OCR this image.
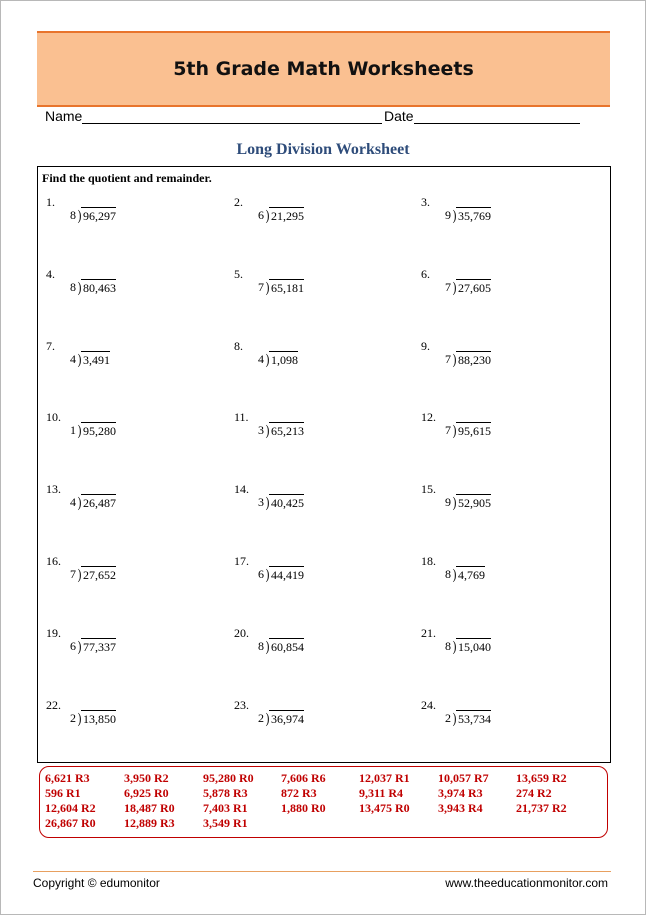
5th Grade Math Worksheets
Name	Date
Long Division Worksheet
Find the quotient and remainder.
1.
8 ) 96,297
2.
6 ) 21,295
3.
9 ) 35,769
4.
8 ) 80,463
5.
7 ) 65,181
6.
7 ) 27,605
7.
4 ) 3,491
8.
4 ) 1,098
9.
7 ) 88,230
10.
1 ) 95,280
11.
3 ) 65,213
12.
7 ) 95,615
13.
4 ) 26,487
14.
3 ) 40,425
15.
9 ) 52,905
16.
7 ) 27,652
17.
6 ) 44,419
18.
8 ) 4,769
19.
6 ) 77,337
20.
8 ) 60,854
21.
8 ) 15,040
22.
2 ) 13,850
23.
2 ) 36,974
24.
2 ) 53,734
6,621 R3
596 R1
12,604 R2
26,867 R0
3,950 R2
6,925 R0
18,487 R0
12,889 R3
95,280 R0
5,878 R3
7,403 R1
3,549 R1
7,606 R6
872 R3
1,880 R0
12,037 R1
9,311 R4
13,475 R0
10,057 R7
3,974 R3
3,943 R4
13,659 R2
274 R2
21,737 R2
Copyright © edumonitor	www.theeducationmonitor.com
